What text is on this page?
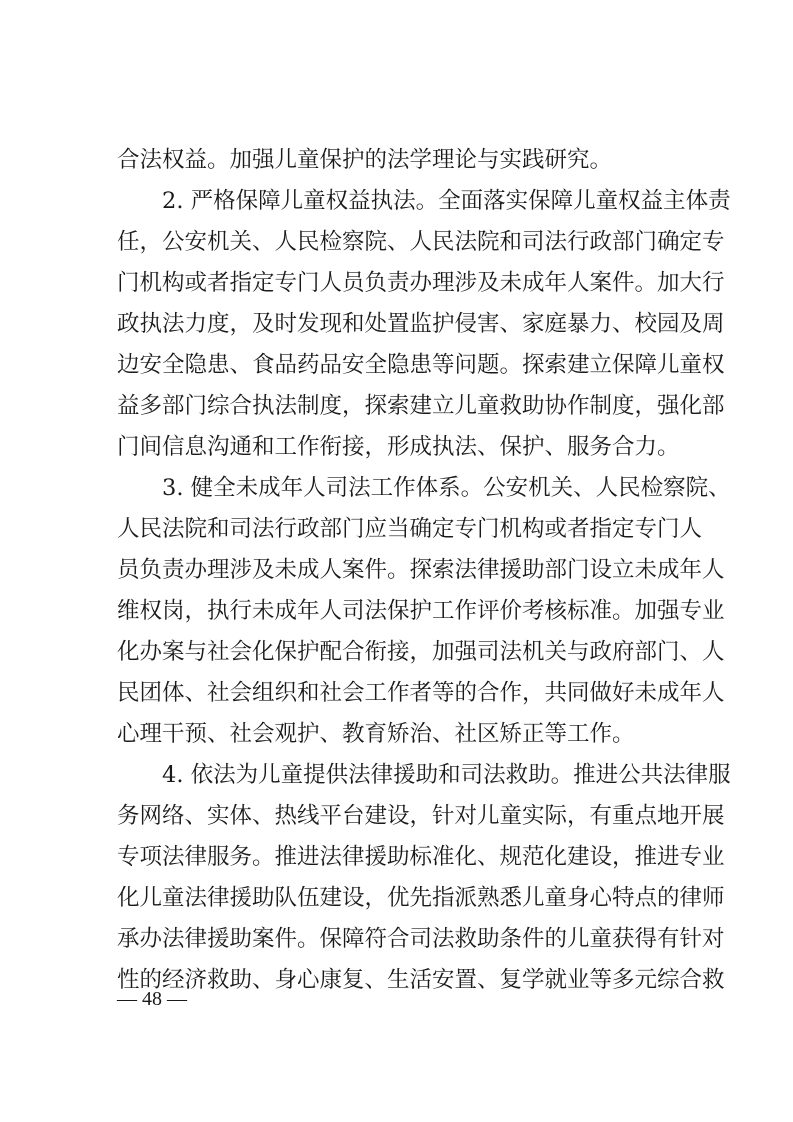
合法权益。加强儿童保护的法学理论与实践研究。
2. 严格保障儿童权益执法。全面落实保障儿童权益主体责
任，公安机关、人民检察院、人民法院和司法行政部门确定专
门机构或者指定专门人员负责办理涉及未成年人案件。加大行
政执法力度，及时发现和处置监护侵害、家庭暴力、校园及周
边安全隐患、食品药品安全隐患等问题。探索建立保障儿童权
益多部门综合执法制度，探索建立儿童救助协作制度，强化部
门间信息沟通和工作衔接，形成执法、保护、服务合力。
3. 健全未成年人司法工作体系。公安机关、人民检察院、
人民法院和司法行政部门应当确定专门机构或者指定专门人
员负责办理涉及未成人案件。探索法律援助部门设立未成年人
维权岗，执行未成年人司法保护工作评价考核标准。加强专业
化办案与社会化保护配合衔接，加强司法机关与政府部门、人
民团体、社会组织和社会工作者等的合作，共同做好未成年人
心理干预、社会观护、教育矫治、社区矫正等工作。
4. 依法为儿童提供法律援助和司法救助。推进公共法律服
务网络、实体、热线平台建设，针对儿童实际，有重点地开展
专项法律服务。推进法律援助标准化、规范化建设，推进专业
化儿童法律援助队伍建设，优先指派熟悉儿童身心特点的律师
承办法律援助案件。保障符合司法救助条件的儿童获得有针对
性的经济救助、身心康复、生活安置、复学就业等多元综合救
— 48 —
